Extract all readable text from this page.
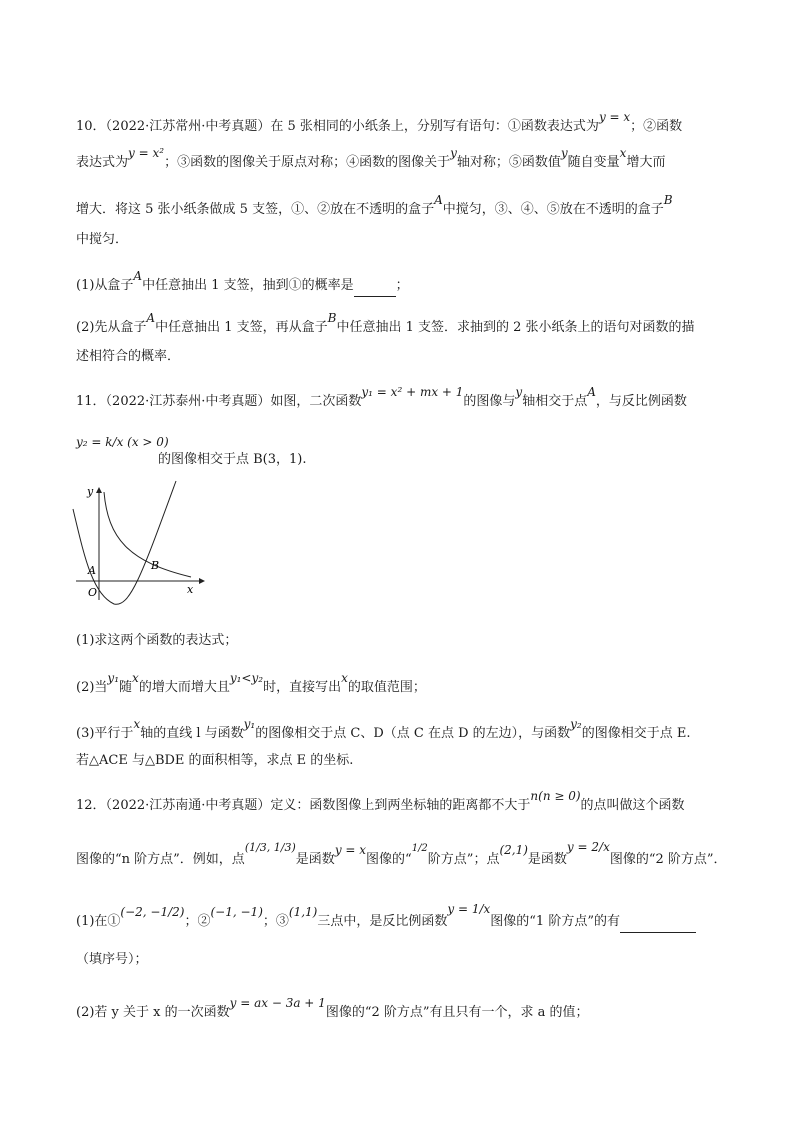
10．（2022·江苏常州·中考真题）在 5 张相同的小纸条上，分别写有语句：①函数表达式为y = x；②函数
表达式为y = x²；③函数的图像关于原点对称；④函数的图像关于y轴对称；⑤函数值y随自变量x增大而
增大．将这 5 张小纸条做成 5 支签，①、②放在不透明的盒子A中搅匀，③、④、⑤放在不透明的盒子B
中搅匀．
(1)从盒子A中任意抽出 1 支签，抽到①的概率是	；
(2)先从盒子A中任意抽出 1 支签，再从盒子B中任意抽出 1 支签．求抽到的 2 张小纸条上的语句对函数的描
述相符合的概率．
11．（2022·江苏泰州·中考真题）如图，二次函数y₁ = x² + mx + 1的图像与y轴相交于点A，与反比例函数
y₂ = k/x (x > 0)
的图像相交于点 B(3，1).
y
x
O
A	B
(1)求这两个函数的表达式；
(2)当y₁随x的增大而增大且y₁<y₂时，直接写出x的取值范围；
(3)平行于x轴的直线 l 与函数y₁的图像相交于点 C、D（点 C 在点 D 的左边），与函数y₂的图像相交于点 E.
若△ACE 与△BDE 的面积相等，求点 E 的坐标.
12．（2022·江苏南通·中考真题）定义：函数图像上到两坐标轴的距离都不大于n(n ≥ 0)的点叫做这个函数
图像的“n 阶方点”．例如，点$^{(1/3, 1/3)}$是函数y = x图像的“$^{1/2}$阶方点”；点(2,1)是函数y = 2/x图像的“2 阶方点”．
(1)在①(−2, −1/2)；②(−1, −1)；③(1,1)三点中，是反比例函数y = 1/x图像的“1 阶方点”的有
（填序号）；
(2)若 y 关于 x 的一次函数y = ax − 3a + 1图像的“2 阶方点”有且只有一个，求 a 的值；
